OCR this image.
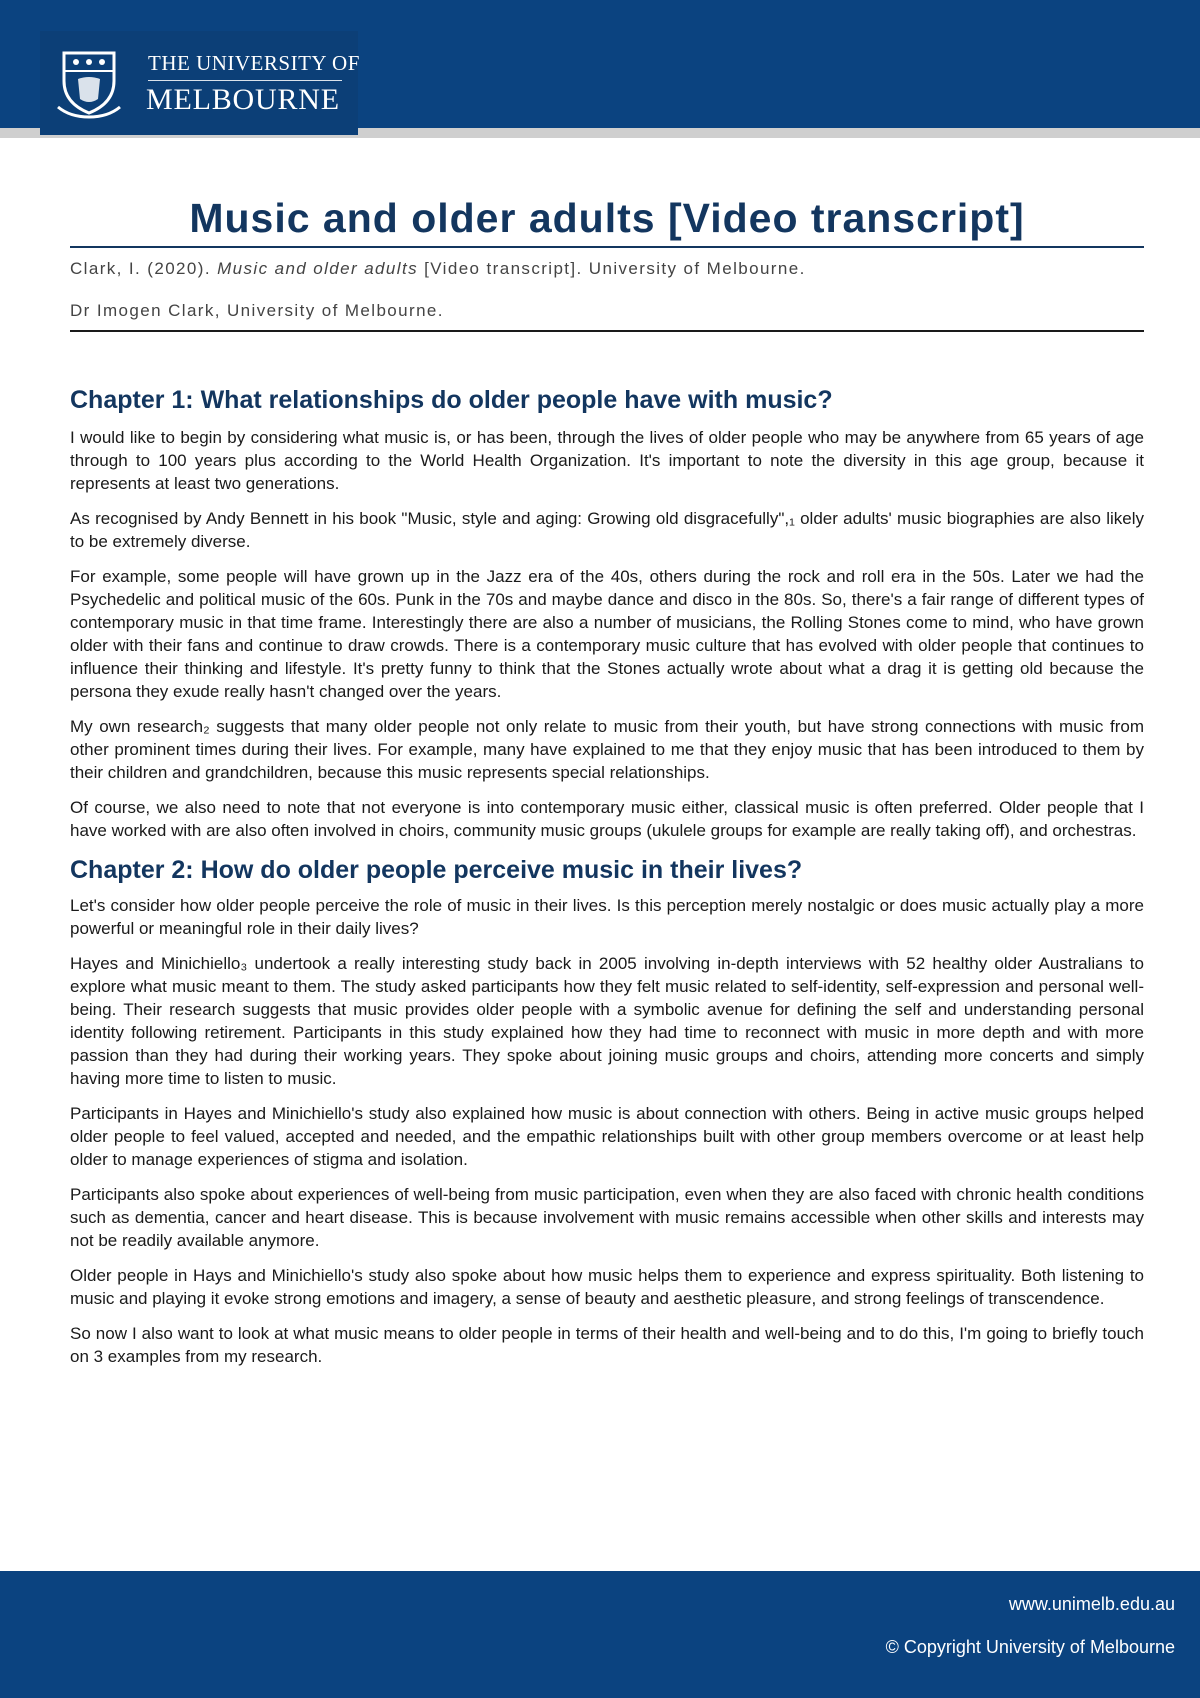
THE UNIVERSITY OF
MELBOURNE
Music and older adults [Video transcript]
Clark, I. (2020). Music and older adults [Video transcript]. University of Melbourne.
Dr Imogen Clark, University of Melbourne.
Chapter 1: What relationships do older people have with music?

I would like to begin by considering what music is, or has been, through the lives of older people who may be anywhere from 65 years of age through to 100 years plus according to the World Health Organization. It's important to note the diversity in this age group, because it represents at least two generations.

As recognised by Andy Bennett in his book "Music, style and aging: Growing old disgracefully",₁ older adults' music biographies are also likely to be extremely diverse.

For example, some people will have grown up in the Jazz era of the 40s, others during the rock and roll era in the 50s. Later we had the Psychedelic and political music of the 60s. Punk in the 70s and maybe dance and disco in the 80s. So, there's a fair range of different types of contemporary music in that time frame. Interestingly there are also a number of musicians, the Rolling Stones come to mind, who have grown older with their fans and continue to draw crowds. There is a contemporary music culture that has evolved with older people that continues to influence their thinking and lifestyle. It's pretty funny to think that the Stones actually wrote about what a drag it is getting old because the persona they exude really hasn't changed over the years.

My own research₂ suggests that many older people not only relate to music from their youth, but have strong connections with music from other prominent times during their lives. For example, many have explained to me that they enjoy music that has been introduced to them by their children and grandchildren, because this music represents special relationships.

Of course, we also need to note that not everyone is into contemporary music either, classical music is often preferred. Older people that I have worked with are also often involved in choirs, community music groups (ukulele groups for example are really taking off), and orchestras.

Chapter 2: How do older people perceive music in their lives?

Let's consider how older people perceive the role of music in their lives. Is this perception merely nostalgic or does music actually play a more powerful or meaningful role in their daily lives?

Hayes and Minichiello₃ undertook a really interesting study back in 2005 involving in-depth interviews with 52 healthy older Australians to explore what music meant to them. The study asked participants how they felt music related to self-identity, self-expression and personal well-being. Their research suggests that music provides older people with a symbolic avenue for defining the self and understanding personal identity following retirement. Participants in this study explained how they had time to reconnect with music in more depth and with more passion than they had during their working years. They spoke about joining music groups and choirs, attending more concerts and simply having more time to listen to music.

Participants in Hayes and Minichiello's study also explained how music is about connection with others. Being in active music groups helped older people to feel valued, accepted and needed, and the empathic relationships built with other group members overcome or at least help older to manage experiences of stigma and isolation.

Participants also spoke about experiences of well-being from music participation, even when they are also faced with chronic health conditions such as dementia, cancer and heart disease. This is because involvement with music remains accessible when other skills and interests may not be readily available anymore.

Older people in Hays and Minichiello's study also spoke about how music helps them to experience and express spirituality. Both listening to music and playing it evoke strong emotions and imagery, a sense of beauty and aesthetic pleasure, and strong feelings of transcendence.

So now I also want to look at what music means to older people in terms of their health and well-being and to do this, I'm going to briefly touch on 3 examples from my research.

www.unimelb.edu.au
© Copyright University of Melbourne
